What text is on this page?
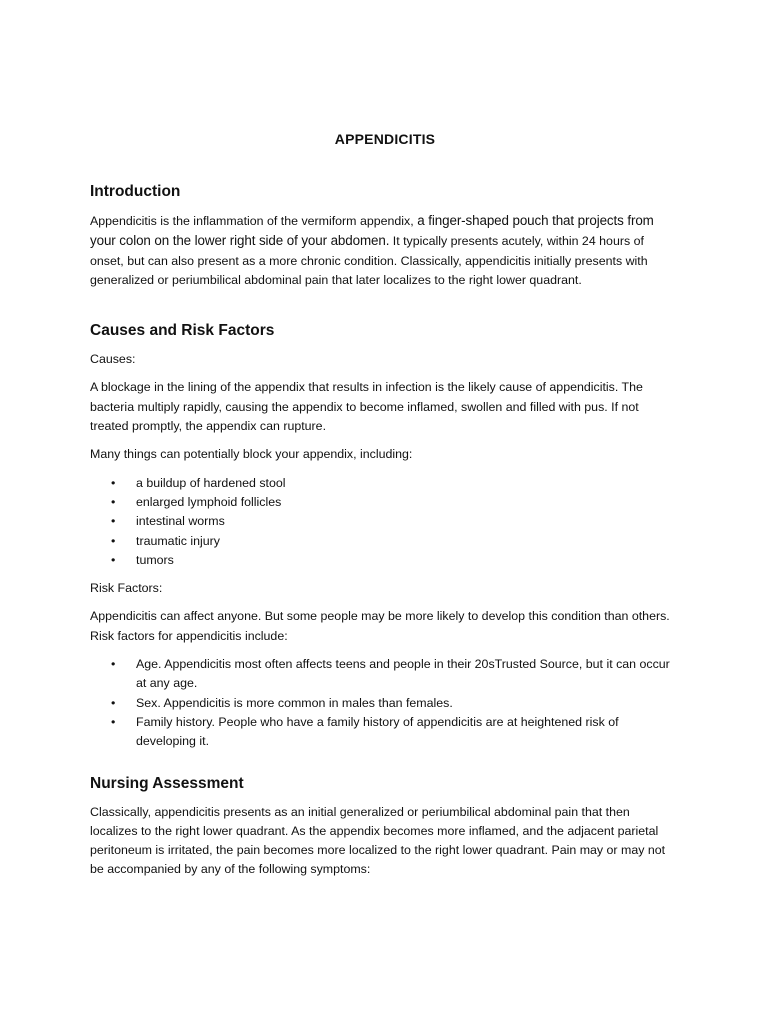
APPENDICITIS
Introduction

Appendicitis is the inflammation of the vermiform appendix, a finger-shaped pouch that projects from your colon on the lower right side of your abdomen. It typically presents acutely, within 24 hours of onset, but can also present as a more chronic condition. Classically, appendicitis initially presents with generalized or periumbilical abdominal pain that later localizes to the right lower quadrant.

Causes and Risk Factors

Causes:

A blockage in the lining of the appendix that results in infection is the likely cause of appendicitis. The bacteria multiply rapidly, causing the appendix to become inflamed, swollen and filled with pus. If not treated promptly, the appendix can rupture.

Many things can potentially block your appendix, including:

• a buildup of hardened stool
• enlarged lymphoid follicles
• intestinal worms
• traumatic injury
• tumors

Risk Factors:

Appendicitis can affect anyone. But some people may be more likely to develop this condition than others. Risk factors for appendicitis include:

• Age. Appendicitis most often affects teens and people in their 20sTrusted Source, but it can occur at any age.
• Sex. Appendicitis is more common in males than females.
• Family history. People who have a family history of appendicitis are at heightened risk of developing it.
Nursing Assessment

Classically, appendicitis presents as an initial generalized or periumbilical abdominal pain that then localizes to the right lower quadrant. As the appendix becomes more inflamed, and the adjacent parietal peritoneum is irritated, the pain becomes more localized to the right lower quadrant. Pain may or may not be accompanied by any of the following symptoms:
